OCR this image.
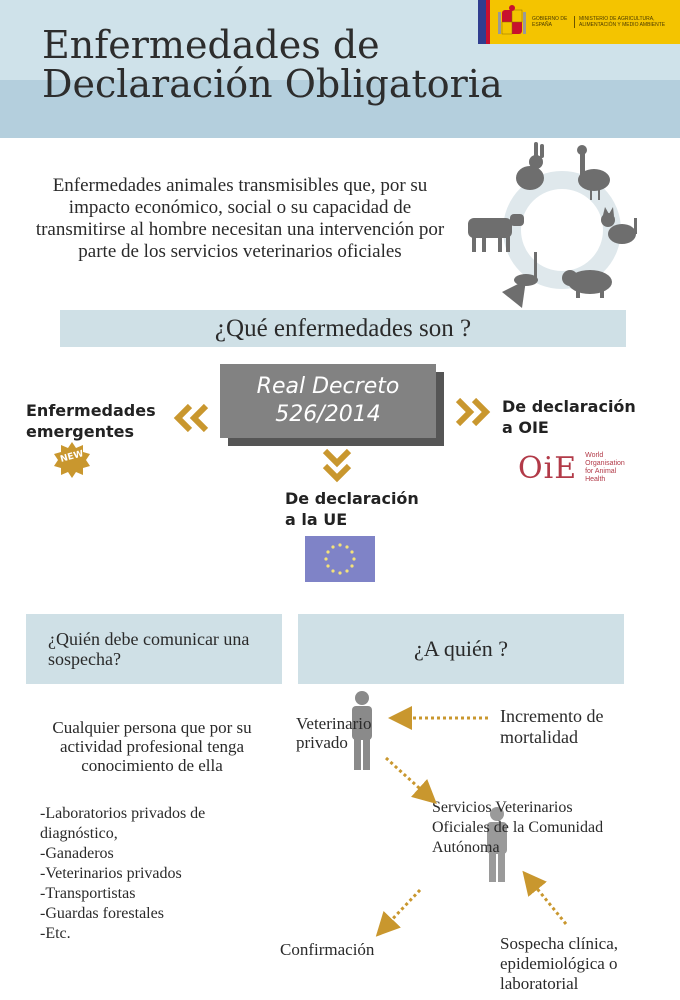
Enfermedades de
Declaración Obligatoria
GOBIERNO DE ESPAÑA
MINISTERIO DE AGRICULTURA, ALIMENTACIÓN Y MEDIO AMBIENTE
Enfermedades animales transmisibles que, por su impacto económico, social o su capacidad de transmitirse al hombre necesitan una intervención por parte de los servicios veterinarios oficiales
¿Qué enfermedades son ?
Real Decreto
526/2014
Enfermedades
emergentes
NEW
De declaración
a OIE
OiE World Organisation for Animal Health
De declaración
a la UE
¿Quién debe comunicar una sospecha?
Cualquier persona que por su actividad profesional tenga conocimiento de ella
-Laboratorios privados de diagnóstico,
-Ganaderos
-Veterinarios privados
-Transportistas
-Guardas forestales
-Etc.
¿A quién ?
Veterinario privado
Incremento de mortalidad
Servicios Veterinarios Oficiales de la Comunidad Autónoma
Confirmación	Sospecha clínica, epidemiológica o laboratorial
